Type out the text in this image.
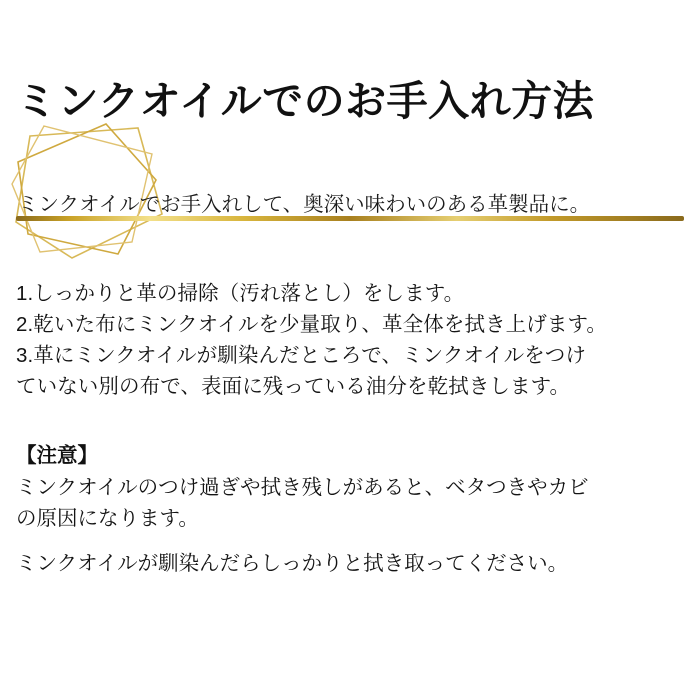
ミンクオイルでのお手入れ方法

ミンクオイルでお手入れして、奥深い味わいのある革製品に。

1.しっかりと革の掃除（汚れ落とし）をします。
2.乾いた布にミンクオイルを少量取り、革全体を拭き上げます。
3.革にミンクオイルが馴染んだところで、ミンクオイルをつけ
ていない別の布で、表面に残っている油分を乾拭きします。
【注意】
ミンクオイルのつけ過ぎや拭き残しがあると、ベタつきやカビ
の原因になります。
ミンクオイルが馴染んだらしっかりと拭き取ってください。
